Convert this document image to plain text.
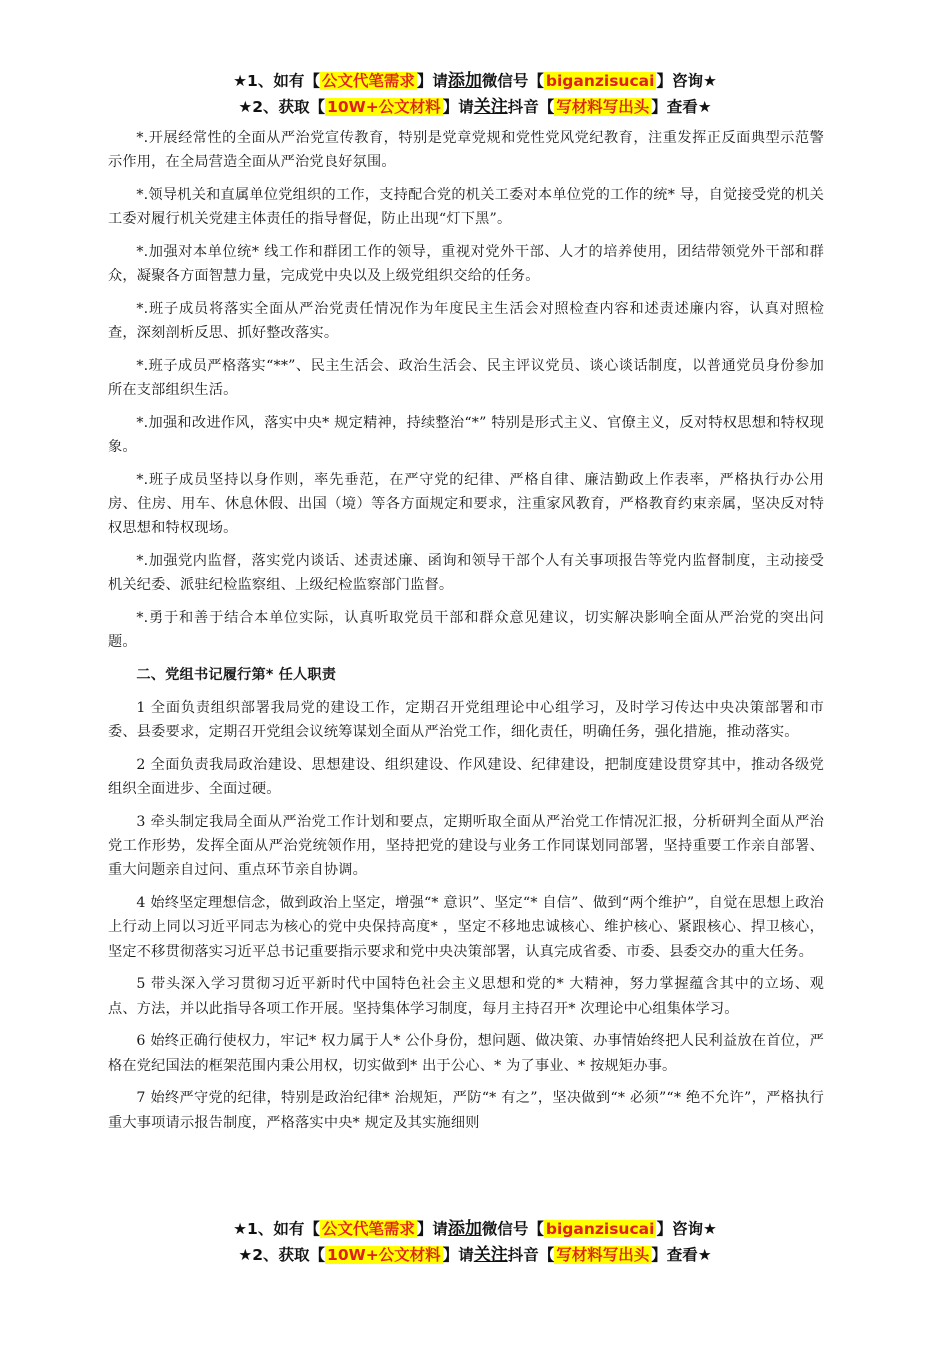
★1、如有【 公文代笔需求 】请添加微信号【 biganzisucai 】咨询★
★2、获取【 10W+公文材料 】请关注抖音【 写材料写出头 】查看★

*.开展经常性的全面从严治党宣传教育，特别是党章党规和党性党风党纪教育，注重发挥正反面典型示范警示作用，在全局营造全面从严治党良好氛围。

*.领导机关和直属单位党组织的工作，支持配合党的机关工委对本单位党的工作的统* 导，自觉接受党的机关工委对履行机关党建主体责任的指导督促，防止出现“灯下黑”。

*.加强对本单位统* 线工作和群团工作的领导，重视对党外干部、人才的培养使用，团结带领党外干部和群众，凝聚各方面智慧力量，完成党中央以及上级党组织交给的任务。

*.班子成员将落实全面从严治党责任情况作为年度民主生活会对照检查内容和述责述廉内容，认真对照检查，深刻剖析反思、抓好整改落实。

*.班子成员严格落实“**”、民主生活会、政治生活会、民主评议党员、谈心谈话制度，以普通党员身份参加所在支部组织生活。

*.加强和改进作风，落实中央* 规定精神，持续整治“*” 特别是形式主义、官僚主义，反对特权思想和特权现象。

*.班子成员坚持以身作则，率先垂范，在严守党的纪律、严格自律、廉洁勤政上作表率，严格执行办公用房、住房、用车、休息休假、出国（境）等各方面规定和要求，注重家风教育，严格教育约束亲属，坚决反对特权思想和特权现场。

*.加强党内监督，落实党内谈话、述责述廉、函询和领导干部个人有关事项报告等党内监督制度，主动接受机关纪委、派驻纪检监察组、上级纪检监察部门监督。

*.勇于和善于结合本单位实际，认真听取党员干部和群众意见建议，切实解决影响全面从严治党的突出问题。

二、党组书记履行第* 任人职责

1 全面负责组织部署我局党的建设工作，定期召开党组理论中心组学习，及时学习传达中央决策部署和市委、县委要求，定期召开党组会议统筹谋划全面从严治党工作，细化责任，明确任务，强化措施，推动落实。

2 全面负责我局政治建设、思想建设、组织建设、作风建设、纪律建设，把制度建设贯穿其中，推动各级党组织全面进步、全面过硬。

3 牵头制定我局全面从严治党工作计划和要点，定期听取全面从严治党工作情况汇报，分析研判全面从严治党工作形势，发挥全面从严治党统领作用，坚持把党的建设与业务工作同谋划同部署，坚持重要工作亲自部署、重大问题亲自过问、重点环节亲自协调。

4 始终坚定理想信念，做到政治上坚定，增强“* 意识”、坚定“* 自信”、做到“两个维护”，自觉在思想上政治上行动上同以习近平同志为核心的党中央保持高度* ，坚定不移地忠诚核心、维护核心、紧跟核心、捍卫核心，坚定不移贯彻落实习近平总书记重要指示要求和党中央决策部署，认真完成省委、市委、县委交办的重大任务。

5 带头深入学习贯彻习近平新时代中国特色社会主义思想和党的* 大精神，努力掌握蕴含其中的立场、观点、方法，并以此指导各项工作开展。坚持集体学习制度，每月主持召开* 次理论中心组集体学习。

6 始终正确行使权力，牢记* 权力属于人* 公仆身份，想问题、做决策、办事情始终把人民利益放在首位，严格在党纪国法的框架范围内秉公用权，切实做到* 出于公心、* 为了事业、* 按规矩办事。

7 始终严守党的纪律，特别是政治纪律* 治规矩，严防“* 有之”，坚决做到“* 必须”“* 绝不允许”，严格执行重大事项请示报告制度，严格落实中央* 规定及其实施细则

★1、如有【 公文代笔需求 】请添加微信号【 biganzisucai 】咨询★
★2、获取【 10W+公文材料 】请关注抖音【 写材料写出头 】查看★
